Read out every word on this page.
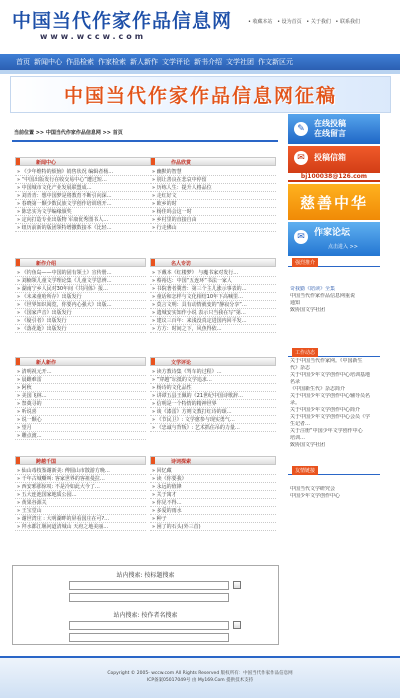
中国当代作家作品信息网
www.wccw.com
• 收藏本站 • 设为首页 • 关于我们 • 联系我们
首页 新闻中心 作品检索 作家检索 新人新作 文学评论 新书介绍 文学社团 作文新区元
中国当代作家作品信息网征稿
当前位置 >> 中国当代作家作品信息网 >> 首页
新闻中心
» 《少年维特的烦恼》销售状况 编辑者杨…
» “中国出版发行在收交易中心”遭过短…
» 中国城市文化产业发展联盟成…
» 刘青青：想中国梦是将教育不断引向深…
» 春晓第一颗少数民族文学创作培训班开…
» 陈忠实为文学编缘颁奖
» 定向打造专业出版物 军康优秀图书人…
» 纽历前新的版团领特增撒数接本《比轻…
作品欣赏
» 幽默的智慧
» 别让善良在悲哀中停留
» 历练人生：提升人格品位
» 走红好文
» 欧乡的时
» 杨佳吗会这一时
» 乡村里的直接自由
» 行走佛山
新作介绍
» 《钓鱼岛——中国的固有领土》宣传册…
» 刘楠领儿童文学理论集《儿童文学思辨…
» 湖南宁乡人民对30年间《共同体》报…
» 《未来童哈所存》出版发行
» 《世界知识阅览，你要内心强大》出版…
» 《国家声音》出版发行
» 《疑引者》出版发行
» 《落花逝》出版发行
名人专访
» 下戴本《红楼梦》 与魔书家对发行…
» 蔡裕达：中国“五连环”书法一家人
» 书院著者冀普：第三个主儿涨示事表的…
» 童话和怎样与文化相结10年下高喊里…
» 莫言文明：具有动情就变的“静寂分享”…
» 遗城安实知作小说 表示只当我在写“第…
» 建议三百年：来浅没真定进国内回平发…
» 方方：时间之下，风魚得依…
新人新作
» 清明祝元开…
» 晨雌难雷
» 阿秋
» 美国飞林…
» 祭奠寻的
» 听说喜
» 说一颗心
» 望月
» 雕点渡…
文学评论
» 读方教诗集《驾车的过程》…
» “穿越”坛抵的文学追求…
» 杨诗的文化品性
» 讲谭五县王佩的《21世纪中国诗歌辞…
» 信明是一个特情的精神世界
» 谈《漆雷》方则文教打红诗的颂…
» 《节民卫》: 文学愈参与现实勇气…
» 《忠诚与背叛》: 艺术抓住吊的力量…
跨越千国
» 仙山毒枝鉴谢新美: 傅圆山市散游方晚…
» 千年古城嘶叫: 客家世界的客祖曼拉…
» 西安邪那惊叹: 不是冷如此大今了…
» 五大连池国家地质公园…
» 黄果谷源关
» 王宝堂山
» 谢世湾庄 : 大明湖畔的屏看国庄在可?…
» 拜水都江堰问道清城山 天府之地美丽…
诗词探索
» 回忆藏
» 读《你要我》
» 永远的值锋
» 关于寓才
» 你见不得…
» 多爱的雨水
» 种子
» 困了的石头(外三首)
✎
在线投稿
在线留言
✉	投稿信箱
bj100038@126.com
慈善中华
✉	作家论坛
点击进入 >>
强烈推介
奇我勤《陪读》全集
中国当代作家作品信息网重说
通知
致协国文学社团
工作动态
关于中国当代作家网。《中国新生
代》杂志
关于中国少年文学创作中心培训基地
名录
《中国新生代》杂志简介
关于中国少年文学创作中心辅导员名
录。
关于中国少年文学创作中心简介
关于中国少年文学创作中心会员《学
生记者…
关于注册“中国少年文学创作中心
培训…
致协国文学社团
友情链接
中国当代文学研究会
中国少年文学创作中心
站内搜索: 按标题搜索
站内搜索: 按作者名搜索
Copyright © 2005- wccw.com All Rights Reserved 版权所有：中国当代作家作品信息网
ICP备案05017049号 由 My169.Com 提供技术支持
